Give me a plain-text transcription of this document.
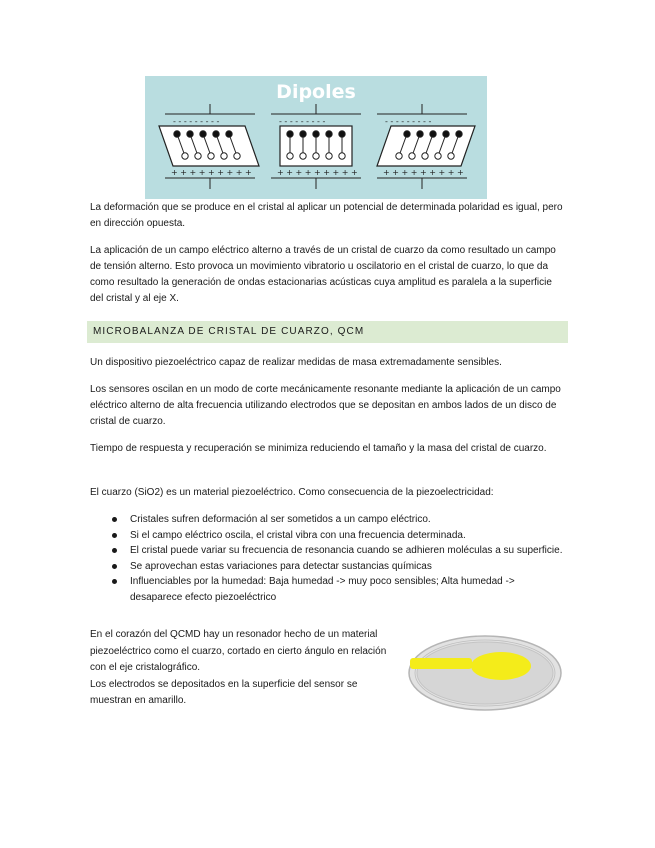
Dipoles
- - - - - - - - -	- - - - - - - - -	- - - - - - - - -
+ + + + + + + + +	+ + + + + + + + +	+ + + + + + + + +

La deformación que se produce en el cristal al aplicar un potencial de determinada polaridad es igual, pero en dirección opuesta.

La aplicación de un campo eléctrico alterno a través de un cristal de cuarzo da como resultado un campo de tensión alterno. Esto provoca un movimiento vibratorio u oscilatorio en el cristal de cuarzo, lo que da como resultado la generación de ondas estacionarias acústicas cuya amplitud es paralela a la superficie del cristal y al eje X.

MICROBALANZA DE CRISTAL DE CUARZO, QCM

Un dispositivo piezoeléctrico capaz de realizar medidas de masa extremadamente sensibles.

Los sensores oscilan en un modo de corte mecánicamente resonante mediante la aplicación de un campo eléctrico alterno de alta frecuencia utilizando electrodos que se depositan en ambos lados de un disco de cristal de cuarzo.

Tiempo de respuesta y recuperación se minimiza reduciendo el tamaño y la masa del cristal de cuarzo.

El cuarzo (SiO2) es un material piezoeléctrico. Como consecuencia de la piezoelectricidad:

Cristales sufren deformación al ser sometidos a un campo eléctrico.
Si el campo eléctrico oscila, el cristal vibra con una frecuencia determinada.
El cristal puede variar su frecuencia de resonancia cuando se adhieren moléculas a su superficie.
Se aprovechan estas variaciones para detectar sustancias químicas
Influenciables por la humedad: Baja humedad -> muy poco sensibles; Alta humedad -> desaparece efecto piezoeléctrico
En el corazón del QCMD hay un resonador hecho de un material piezoeléctrico como el cuarzo, cortado en cierto ángulo en relación con el eje cristalográfico.
Los electrodos se depositados en la superficie del sensor se muestran en amarillo.
